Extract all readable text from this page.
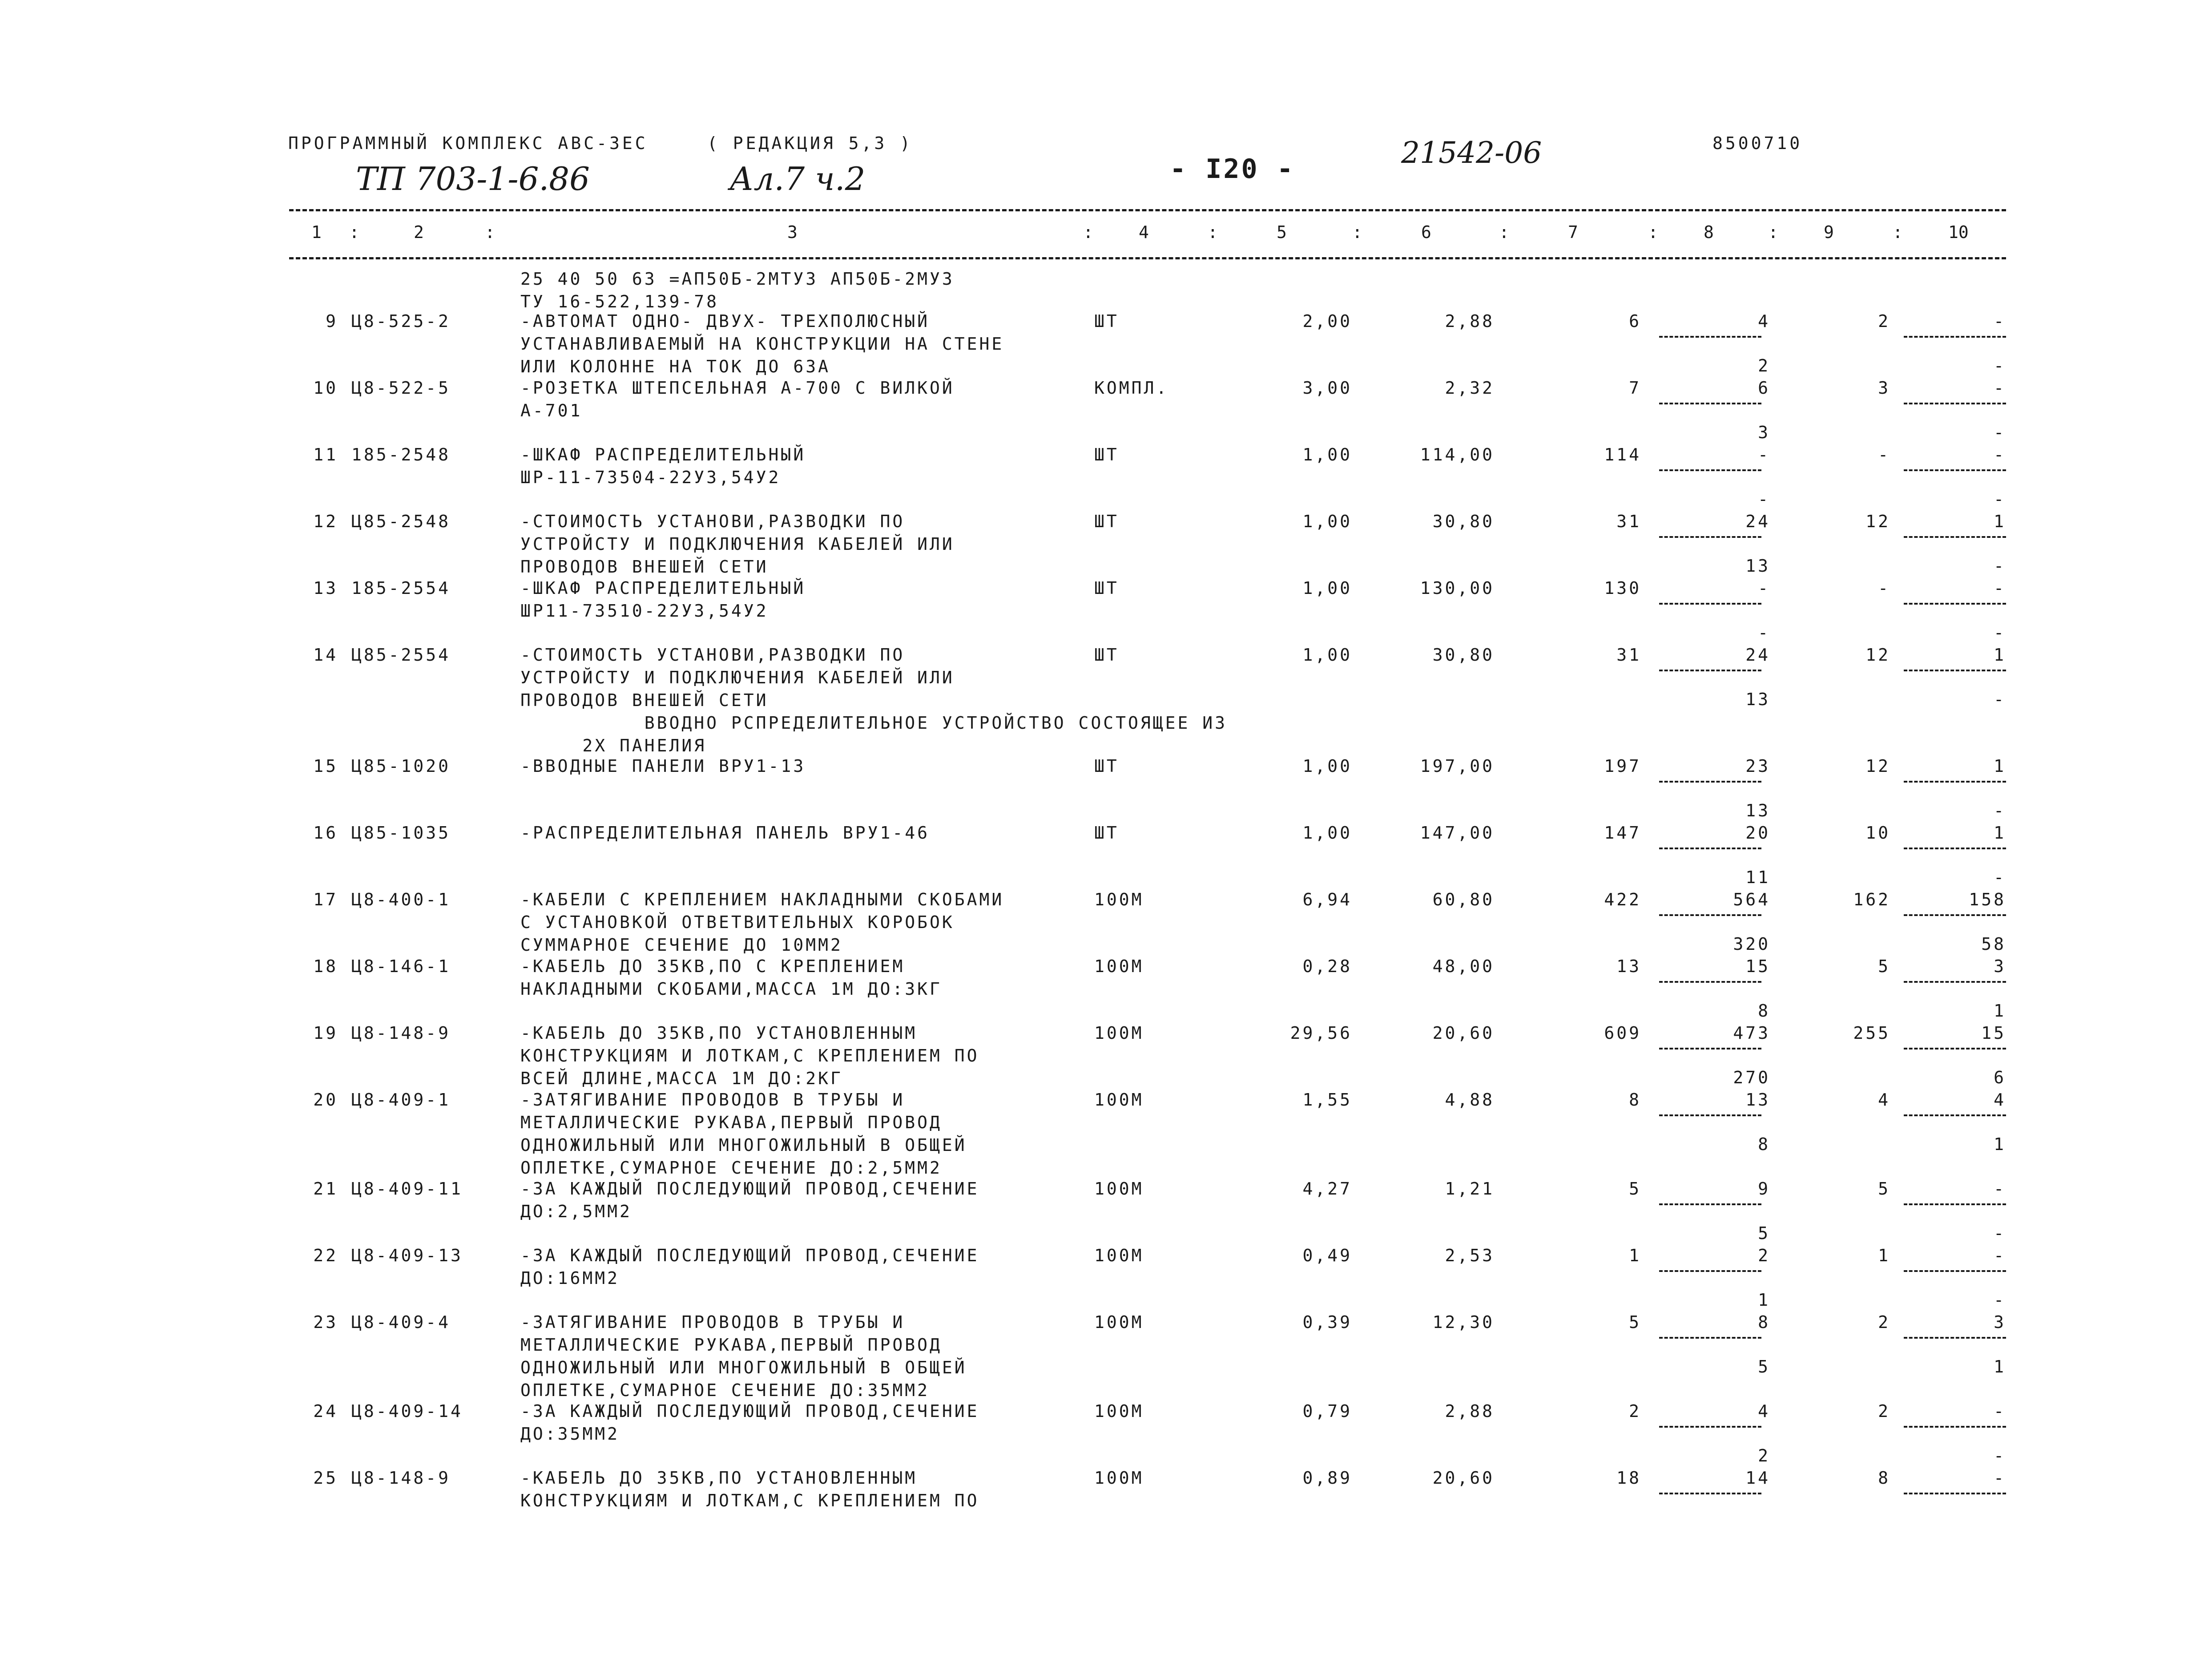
ПРОГРАММНЫЙ КОМПЛЕКС АВС-3ЕС	( РЕДАКЦИЯ 5,3 )
ТП 703-1-6.86	Ал.7 ч.2	- I20 -	21542-06	8500710
1	2	3	4	5	6	7	8	9	10
:	:	:	:	:	:	:	:	:
25 40 50 63 =АП50Б-2МТУ3 АП50Б-2МУ3
ТУ 16-522,139-78
9 Ц8-525-2	-АВТОМАТ ОДНО- ДВУХ- ТРЕХПОЛЮСНЫЙ
УСТАНАВЛИВАЕМЫЙ НА КОНСТРУКЦИИ НА СТЕНЕ
ИЛИ КОЛОННЕ НА ТОК ДО 63А
ШТ	2,00	2,88	6	4	2	-
2	-
10 Ц8-522-5	-РОЗЕТКА ШТЕПСЕЛЬНАЯ А-700 С ВИЛКОЙ
А-701
КОМПЛ.	3,00	2,32	7	6	3	-
3	-
11 185-2548	-ШКАФ РАСПРЕДЕЛИТЕЛЬНЫЙ
ШР-11-73504-22У3,54У2
ШТ	1,00	114,00	114	-	-	-
-	-
12 Ц85-2548	-СТОИМОСТЬ УСТАНОВИ,РАЗВОДКИ ПО
УСТРОЙСТУ И ПОДКЛЮЧЕНИЯ КАБЕЛЕЙ ИЛИ
ПРОВОДОВ ВНЕШЕЙ СЕТИ
ШТ	1,00	30,80	31	24	12	1
13	-
13 185-2554	-ШКАФ РАСПРЕДЕЛИТЕЛЬНЫЙ
ШР11-73510-22У3,54У2
ШТ	1,00	130,00	130	-	-	-
-	-
14 Ц85-2554	-СТОИМОСТЬ УСТАНОВИ,РАЗВОДКИ ПО
УСТРОЙСТУ И ПОДКЛЮЧЕНИЯ КАБЕЛЕЙ ИЛИ
ПРОВОДОВ ВНЕШЕЙ СЕТИ
ВВОДНО РСПРЕДЕЛИТЕЛЬНОЕ УСТРОЙСТВО СОСТОЯЩЕЕ ИЗ
2Х ПАНЕЛИЯ
ШТ	1,00	30,80	31	24	12	1
13	-
15 Ц85-1020	-ВВОДНЫЕ ПАНЕЛИ ВРУ1-13	ШТ	1,00	197,00	197	23	12	1
13	-
16 Ц85-1035	-РАСПРЕДЕЛИТЕЛЬНАЯ ПАНЕЛЬ ВРУ1-46	ШТ	1,00	147,00	147	20	10	1
11	-
17 Ц8-400-1	-КАБЕЛИ С КРЕПЛЕНИЕМ НАКЛАДНЫМИ СКОБАМИ
С УСТАНОВКОЙ ОТВЕТВИТЕЛЬНЫХ КОРОБОК
СУММАРНОЕ СЕЧЕНИЕ ДО 10ММ2
100М	6,94	60,80	422	564	162	158
320	58
18 Ц8-146-1	-КАБЕЛЬ ДО 35КВ,ПО С КРЕПЛЕНИЕМ
НАКЛАДНЫМИ СКОБАМИ,МАССА 1М ДО:3КГ
100М	0,28	48,00	13	15	5	3
8	1
19 Ц8-148-9	-КАБЕЛЬ ДО 35КВ,ПО УСТАНОВЛЕННЫМ
КОНСТРУКЦИЯМ И ЛОТКАМ,С КРЕПЛЕНИЕМ ПО
ВСЕЙ ДЛИНЕ,МАССА 1М ДО:2КГ
100М	29,56	20,60	609	473	255	15
270	6
20 Ц8-409-1	-ЗАТЯГИВАНИЕ ПРОВОДОВ В ТРУБЫ И
МЕТАЛЛИЧЕСКИЕ РУКАВА,ПЕРВЫЙ ПРОВОД
ОДНОЖИЛЬНЫЙ ИЛИ МНОГОЖИЛЬНЫЙ В ОБЩЕЙ
ОПЛЕТКЕ,СУМАРНОЕ СЕЧЕНИЕ ДО:2,5ММ2
100М	1,55	4,88	8	13	4	4
8	1
21 Ц8-409-11	-ЗА КАЖДЫЙ ПОСЛЕДУЮЩИЙ ПРОВОД,СЕЧЕНИЕ
ДО:2,5ММ2
100М	4,27	1,21	5	9	5	-
5	-
22 Ц8-409-13	-ЗА КАЖДЫЙ ПОСЛЕДУЮЩИЙ ПРОВОД,СЕЧЕНИЕ
ДО:16ММ2
100М	0,49	2,53	1	2	1	-
1	-
23 Ц8-409-4	-ЗАТЯГИВАНИЕ ПРОВОДОВ В ТРУБЫ И
МЕТАЛЛИЧЕСКИЕ РУКАВА,ПЕРВЫЙ ПРОВОД
ОДНОЖИЛЬНЫЙ ИЛИ МНОГОЖИЛЬНЫЙ В ОБЩЕЙ
ОПЛЕТКЕ,СУМАРНОЕ СЕЧЕНИЕ ДО:35ММ2
100М	0,39	12,30	5	8	2	3
5	1
24 Ц8-409-14	-ЗА КАЖДЫЙ ПОСЛЕДУЮЩИЙ ПРОВОД,СЕЧЕНИЕ
ДО:35ММ2
100М	0,79	2,88	2	4	2	-
2	-
25 Ц8-148-9	-КАБЕЛЬ ДО 35КВ,ПО УСТАНОВЛЕННЫМ
КОНСТРУКЦИЯМ И ЛОТКАМ,С КРЕПЛЕНИЕМ ПО
100М	0,89	20,60	18	14	8	-
